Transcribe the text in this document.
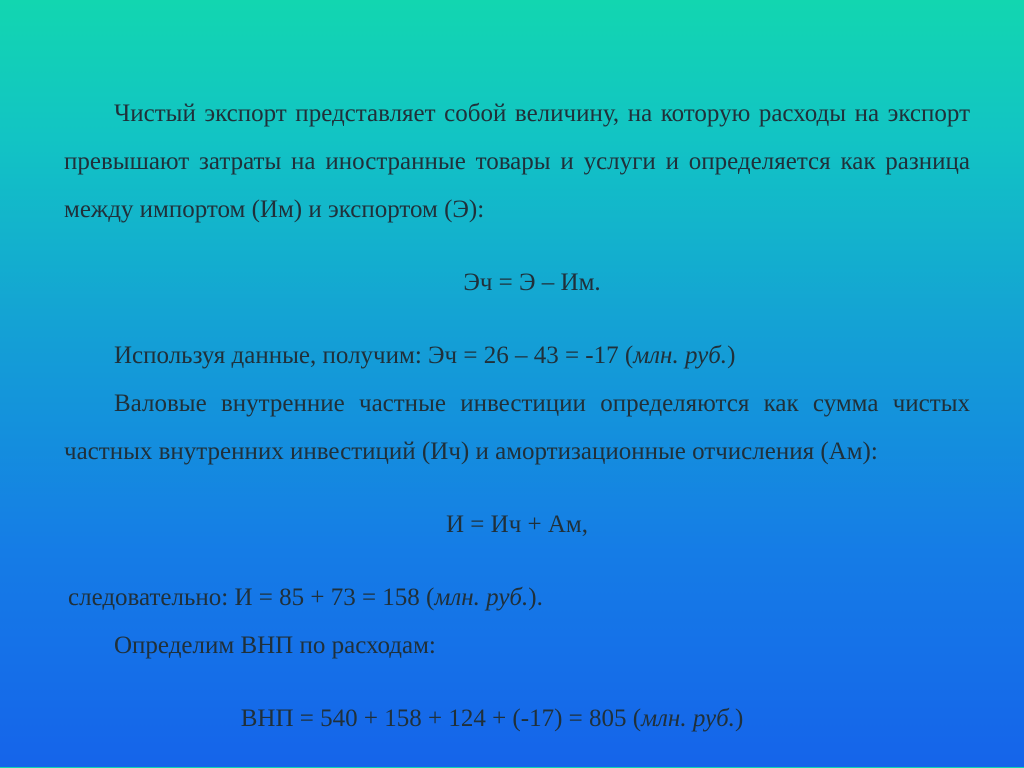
Чистый экспорт представляет собой величину, на которую расходы на экспорт превышают затраты на иностранные товары и услуги и определяется как разница между импортом (Им) и экспортом (Э):

Эч = Э – Им.

Используя данные, получим: Эч = 26 – 43 = -17 (млн. руб.)

Валовые внутренние частные инвестиции определяются как сумма чистых частных внутренних инвестиций (Ич) и амортизационные отчисления (Ам):

И = Ич + Ам,

следовательно: И = 85 + 73 = 158 (млн. руб.).

Определим ВНП по расходам:

ВНП = 540 + 158 + 124 + (-17) = 805 (млн. руб.)
